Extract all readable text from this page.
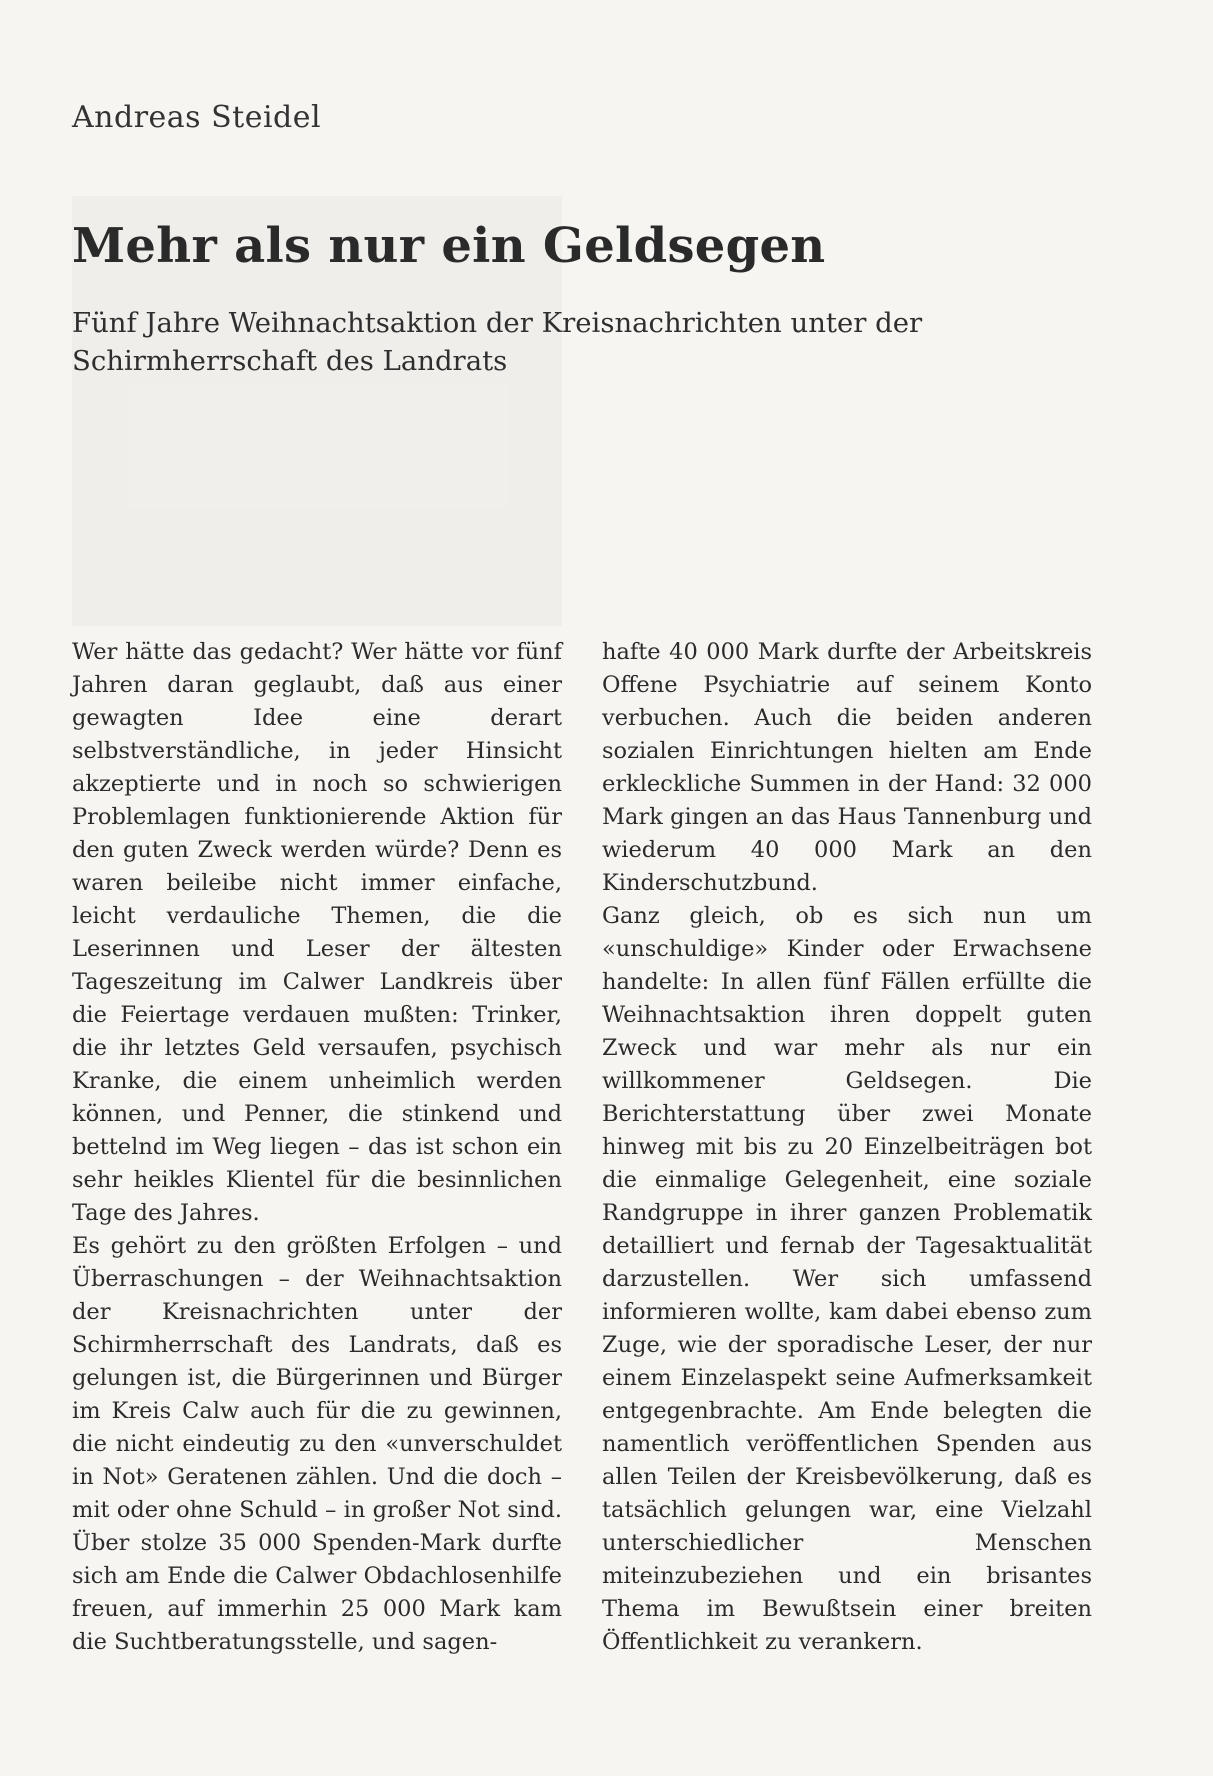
Andreas Steidel
Mehr als nur ein Geldsegen
Fünf Jahre Weihnachtsaktion der Kreisnachrichten unter der Schirmherrschaft des Landrats

Wer hätte das gedacht? Wer hätte vor fünf Jahren daran geglaubt, daß aus einer gewagten Idee eine derart selbstverständliche, in jeder Hinsicht akzeptierte und in noch so schwierigen Problemlagen funktionierende Aktion für den guten Zweck werden würde? Denn es waren beileibe nicht immer einfache, leicht verdauliche Themen, die die Leserinnen und Leser der ältesten Tageszeitung im Calwer Landkreis über die Feiertage verdauen mußten: Trinker, die ihr letztes Geld versaufen, psychisch Kranke, die einem unheimlich werden können, und Penner, die stinkend und bettelnd im Weg liegen – das ist schon ein sehr heikles Klientel für die besinnlichen Tage des Jahres.

Es gehört zu den größten Erfolgen – und Überraschungen – der Weihnachtsaktion der Kreisnachrichten unter der Schirmherrschaft des Landrats, daß es gelungen ist, die Bürgerinnen und Bürger im Kreis Calw auch für die zu gewinnen, die nicht eindeutig zu den «unverschuldet in Not» Geratenen zählen. Und die doch – mit oder ohne Schuld – in großer Not sind. Über stolze 35 000 Spenden-Mark durfte sich am Ende die Calwer Obdachlosenhilfe freuen, auf immerhin 25 000 Mark kam die Suchtberatungsstelle, und sagen-

hafte 40 000 Mark durfte der Arbeitskreis Offene Psychiatrie auf seinem Konto verbuchen. Auch die beiden anderen sozialen Einrichtungen hielten am Ende erkleckliche Summen in der Hand: 32 000 Mark gingen an das Haus Tannenburg und wiederum 40 000 Mark an den Kinderschutzbund.

Ganz gleich, ob es sich nun um «unschuldige» Kinder oder Erwachsene handelte: In allen fünf Fällen erfüllte die Weihnachtsaktion ihren doppelt guten Zweck und war mehr als nur ein willkommener Geldsegen. Die Berichterstattung über zwei Monate hinweg mit bis zu 20 Einzelbeiträgen bot die einmalige Gelegenheit, eine soziale Randgruppe in ihrer ganzen Problematik detailliert und fernab der Tagesaktualität darzustellen. Wer sich umfassend informieren wollte, kam dabei ebenso zum Zuge, wie der sporadische Leser, der nur einem Einzelaspekt seine Aufmerksamkeit entgegenbrachte. Am Ende belegten die namentlich veröffentlichen Spenden aus allen Teilen der Kreisbevölkerung, daß es tatsächlich gelungen war, eine Vielzahl unterschiedlicher Menschen miteinzubeziehen und ein brisantes Thema im Bewußtsein einer breiten Öffentlichkeit zu verankern.
